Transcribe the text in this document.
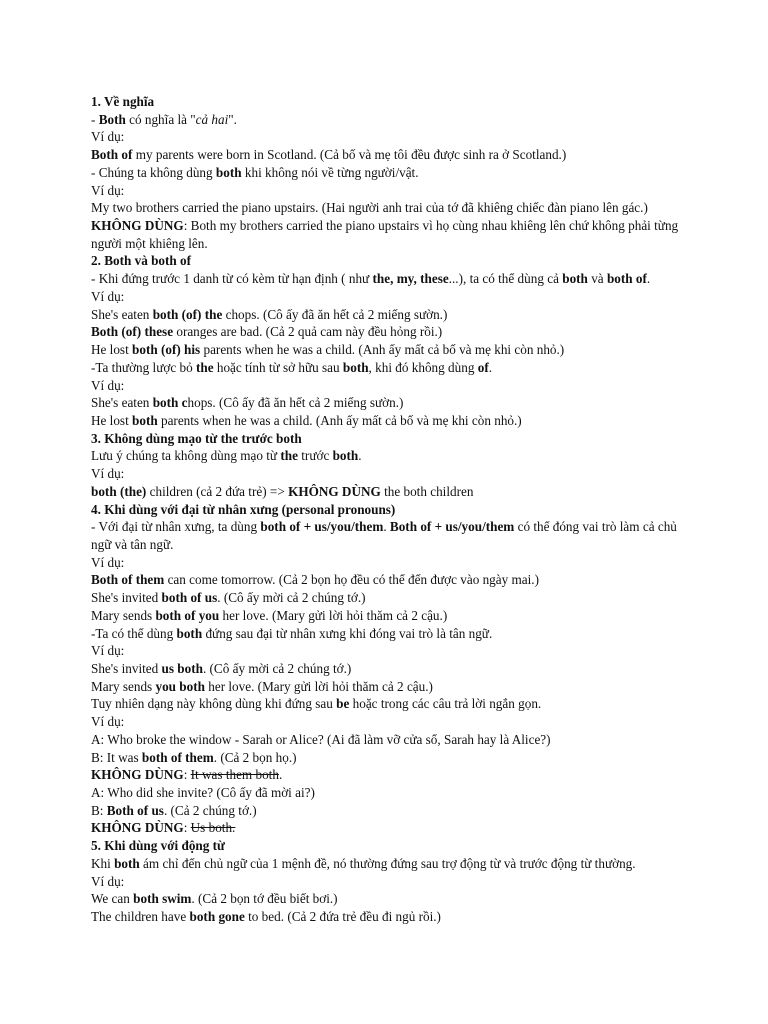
1. Về nghĩa
- Both có nghĩa là "cả hai".
Ví dụ:
Both of my parents were born in Scotland. (Cả bố và mẹ tôi đều được sinh ra ở Scotland.)
- Chúng ta không dùng both khi không nói về từng người/vật.
Ví dụ:
My two brothers carried the piano upstairs. (Hai người anh trai của tớ đã khiêng chiếc đàn piano lên gác.)
KHÔNG DÙNG: Both my brothers carried the piano upstairs vì họ cùng nhau khiêng lên chứ không phải từng người một khiêng lên.
2. Both và both of
- Khi đứng trước 1 danh từ có kèm từ hạn định ( như the, my, these...), ta có thể dùng cả both và both of.
Ví dụ:
She's eaten both (of) the chops. (Cô ấy đã ăn hết cả 2 miếng sườn.)
Both (of) these oranges are bad. (Cả 2 quả cam này đều hỏng rồi.)
He lost both (of) his parents when he was a child. (Anh ấy mất cả bố và mẹ khi còn nhỏ.)
-Ta thường lược bỏ the hoặc tính từ sở hữu sau both, khi đó không dùng of.
Ví dụ:
She's eaten both chops. (Cô ấy đã ăn hết cả 2 miếng sườn.)
He lost both parents when he was a child. (Anh ấy mất cả bố và mẹ khi còn nhỏ.)
3. Không dùng mạo từ the trước both
Lưu ý chúng ta không dùng mạo từ the trước both.
Ví dụ:
both (the) children (cả 2 đứa trẻ) => KHÔNG DÙNG the both children
4. Khi dùng với đại từ nhân xưng (personal pronouns)
- Với đại từ nhân xưng, ta dùng both of + us/you/them. Both of + us/you/them có thể đóng vai trò làm cả chủ ngữ và tân ngữ.
Ví dụ:
Both of them can come tomorrow. (Cả 2 bọn họ đều có thể đến được vào ngày mai.)
She's invited both of us. (Cô ấy mời cả 2 chúng tớ.)
Mary sends both of you her love. (Mary gửi lời hỏi thăm cả 2 cậu.)
-Ta có thể dùng both đứng sau đại từ nhân xưng khi đóng vai trò là tân ngữ.
Ví dụ:
She's invited us both. (Cô ấy mời cả 2 chúng tớ.)
Mary sends you both her love. (Mary gửi lời hỏi thăm cả 2 cậu.)
Tuy nhiên dạng này không dùng khi đứng sau be hoặc trong các câu trả lời ngắn gọn.
Ví dụ:
A: Who broke the window - Sarah or Alice? (Ai đã làm vỡ cửa sổ, Sarah hay là Alice?)
B: It was both of them. (Cả 2 bọn họ.)
KHÔNG DÙNG: It was them both.
A: Who did she invite? (Cô ấy đã mời ai?)
B: Both of us. (Cả 2 chúng tớ.)
KHÔNG DÙNG: Us both.
5. Khi dùng với động từ
Khi both ám chỉ đến chủ ngữ của 1 mệnh đề, nó thường đứng sau trợ động từ và trước động từ thường.
Ví dụ:
We can both swim. (Cả 2 bọn tớ đều biết bơi.)
The children have both gone to bed. (Cả 2 đứa trẻ đều đi ngủ rồi.)
